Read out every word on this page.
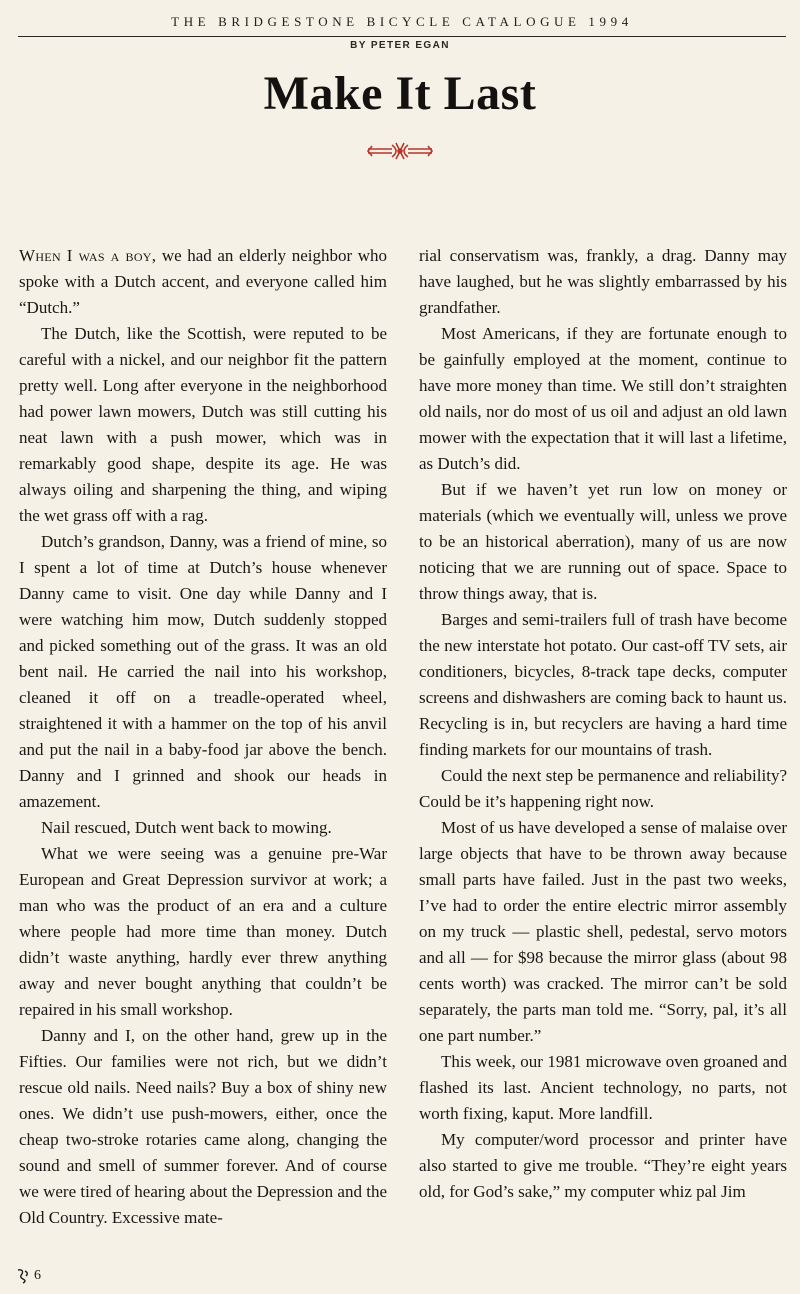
THE BRIDGESTONE BICYCLE CATALOGUE 1994
BY PETER EGAN
Make It Last

When I was a boy, we had an elderly neighbor who spoke with a Dutch accent, and everyone called him “Dutch.”

The Dutch, like the Scottish, were reputed to be careful with a nickel, and our neighbor fit the pattern pretty well. Long after everyone in the neighborhood had power lawn mowers, Dutch was still cutting his neat lawn with a push mower, which was in remarkably good shape, despite its age. He was always oiling and sharpening the thing, and wiping the wet grass off with a rag.

Dutch’s grandson, Danny, was a friend of mine, so I spent a lot of time at Dutch’s house whenever Danny came to visit. One day while Danny and I were watching him mow, Dutch suddenly stopped and picked something out of the grass. It was an old bent nail. He carried the nail into his workshop, cleaned it off on a treadle-operated wheel, straightened it with a hammer on the top of his anvil and put the nail in a baby-food jar above the bench. Danny and I grinned and shook our heads in amazement.

Nail rescued, Dutch went back to mowing.

What we were seeing was a genuine pre-War European and Great Depression survivor at work; a man who was the product of an era and a culture where people had more time than money. Dutch didn’t waste anything, hardly ever threw anything away and never bought anything that couldn’t be repaired in his small workshop.

Danny and I, on the other hand, grew up in the Fifties. Our families were not rich, but we didn’t rescue old nails. Need nails? Buy a box of shiny new ones. We didn’t use push-mowers, either, once the cheap two-stroke rotaries came along, changing the sound and smell of summer forever. And of course we were tired of hearing about the Depression and the Old Country. Excessive mate-

rial conservatism was, frankly, a drag. Danny may have laughed, but he was slightly embarrassed by his grandfather.

Most Americans, if they are fortunate enough to be gainfully employed at the moment, continue to have more money than time. We still don’t straighten old nails, nor do most of us oil and adjust an old lawn mower with the expectation that it will last a lifetime, as Dutch’s did.

But if we haven’t yet run low on money or materials (which we eventually will, unless we prove to be an historical aberration), many of us are now noticing that we are running out of space. Space to throw things away, that is.

Barges and semi-trailers full of trash have become the new interstate hot potato. Our cast-off TV sets, air conditioners, bicycles, 8-track tape decks, computer screens and dishwashers are coming back to haunt us. Recycling is in, but recyclers are having a hard time finding markets for our mountains of trash.

Could the next step be permanence and reliability? Could be it’s happening right now.

Most of us have developed a sense of malaise over large objects that have to be thrown away because small parts have failed. Just in the past two weeks, I’ve had to order the entire electric mirror assembly on my truck — plastic shell, pedestal, servo motors and all — for $98 because the mirror glass (about 98 cents worth) was cracked. The mirror can’t be sold separately, the parts man told me. “Sorry, pal, it’s all one part number.”

This week, our 1981 microwave oven groaned and flashed its last. Ancient technology, no parts, not worth fixing, kaput. More landfill.

My computer/word processor and printer have also started to give me trouble. “They’re eight years old, for God’s sake,” my computer whiz pal Jim

6
